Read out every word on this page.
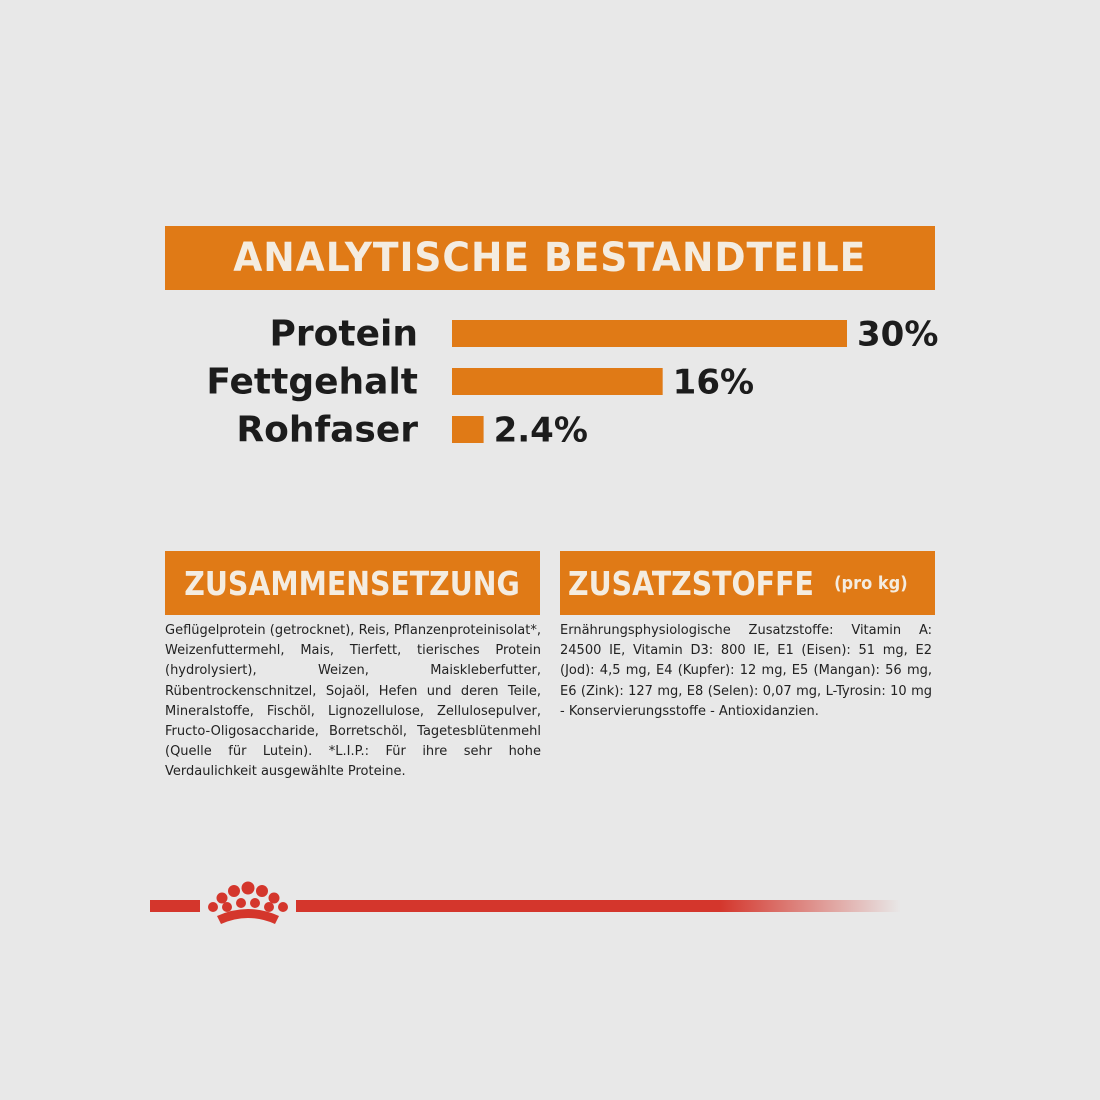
ANALYTISCHE BESTANDTEILE
Protein	30%
Fettgehalt	16%
Rohfaser 2.4%
ZUSAMMENSETZUNG

Geflügelprotein (getrocknet), Reis, Pflanzenproteinisolat*, Weizenfuttermehl, Mais, Tierfett, tierisches Protein (hydrolysiert), Weizen, Maiskleberfutter, Rübentrockenschnitzel, Sojaöl, Hefen und deren Teile, Mineralstoffe, Fischöl, Lignozellulose, Zellulosepulver, Fructo-Oligosaccharide, Borretschöl, Tagetesblütenmehl (Quelle für Lutein). *L.I.P.: Für ihre sehr hohe Verdaulichkeit ausgewählte Proteine.

ZUSATZSTOFFE (pro kg)

Ernährungsphysiologische Zusatzstoffe: Vitamin A: 24500 IE, Vitamin D3: 800 IE, E1 (Eisen): 51 mg, E2 (Jod): 4,5 mg, E4 (Kupfer): 12 mg, E5 (Mangan): 56 mg, E6 (Zink): 127 mg, E8 (Selen): 0,07 mg, L-Tyrosin: 10 mg - Konservierungsstoffe - Antioxidanzien.
